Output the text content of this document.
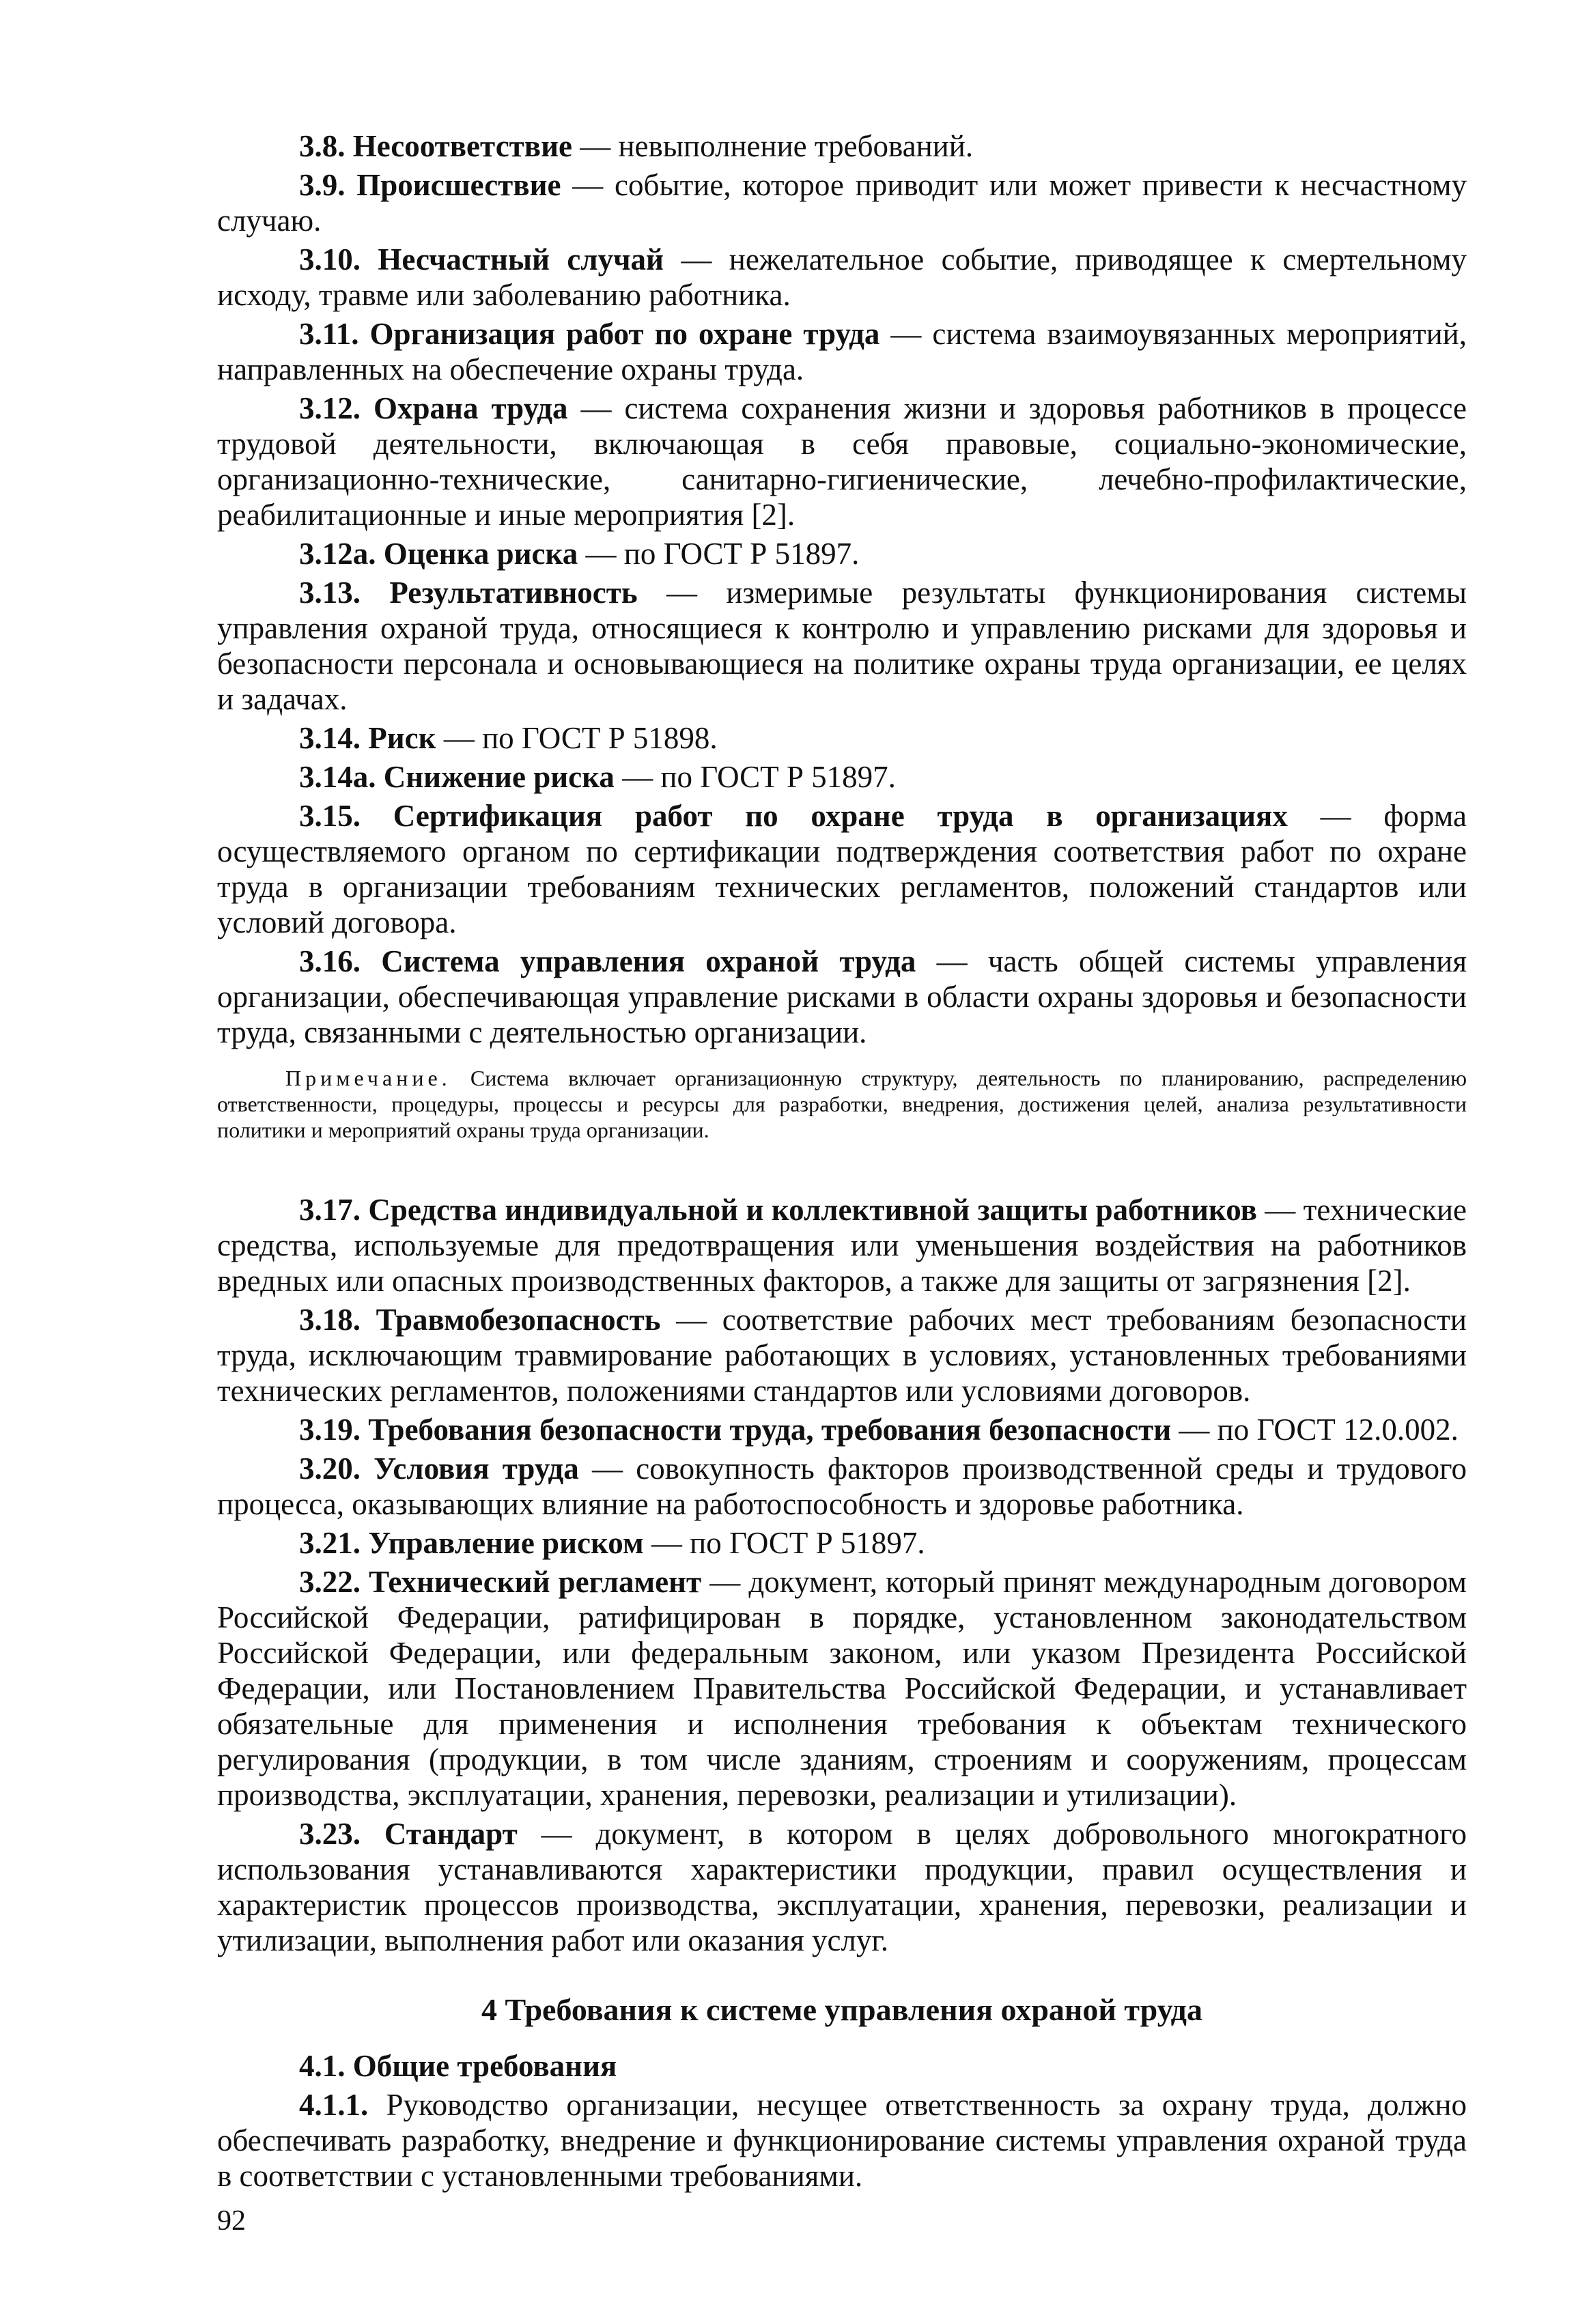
3.8. Несоответствие — невыполнение требований.

3.9. Происшествие — событие, которое приводит или может привести к несчастному случаю.

3.10. Несчастный случай — нежелательное событие, приводящее к смертельному исходу, травме или заболеванию работника.

3.11. Организация работ по охране труда — система взаимоувязанных мероприятий, направленных на обеспечение охраны труда.

3.12. Охрана труда — система сохранения жизни и здоровья работников в процессе трудовой деятельности, включающая в себя правовые, социально-экономические, организационно-технические, санитарно-гигиенические, лечебно-профилактические, реабилитационные и иные мероприятия [2].

3.12а. Оценка риска — по ГОСТ Р 51897.

3.13. Результативность — измеримые результаты функционирования системы управления охраной труда, относящиеся к контролю и управлению рисками для здоровья и безопасности персонала и основывающиеся на политике охраны труда организации, ее целях и задачах.

3.14. Риск — по ГОСТ Р 51898.

3.14а. Снижение риска — по ГОСТ Р 51897.

3.15. Сертификация работ по охране труда в организациях — форма осуществляемого органом по сертификации подтверждения соответствия работ по охране труда в организации требованиям технических регламентов, положений стандартов или условий договора.

3.16. Система управления охраной труда — часть общей системы управления организации, обеспечивающая управление рисками в области охраны здоровья и безопасности труда, связанными с деятельностью организации.

Примечание. Система включает организационную структуру, деятельность по планированию, распределению ответственности, процедуры, процессы и ресурсы для разработки, внедрения, достижения целей, анализа результативности политики и мероприятий охраны труда организации.

3.17. Средства индивидуальной и коллективной защиты работников — технические средства, используемые для предотвращения или уменьшения воздействия на работников вредных или опасных производственных факторов, а также для защиты от загрязнения [2].

3.18. Травмобезопасность — соответствие рабочих мест требованиям безопасности труда, исключающим травмирование работающих в условиях, установленных требованиями технических регламентов, положениями стандартов или условиями договоров.

3.19. Требования безопасности труда, требования безопасности — по ГОСТ 12.0.002.

3.20. Условия труда — совокупность факторов производственной среды и трудового процесса, оказывающих влияние на работоспособность и здоровье работника.

3.21. Управление риском — по ГОСТ Р 51897.

3.22. Технический регламент — документ, который принят международным договором Российской Федерации, ратифицирован в порядке, установленном законодательством Российской Федерации, или федеральным законом, или указом Президента Российской Федерации, или Постановлением Правительства Российской Федерации, и устанавливает обязательные для применения и исполнения требования к объектам технического регулирования (продукции, в том числе зданиям, строениям и сооружениям, процессам производства, эксплуатации, хранения, перевозки, реализации и утилизации).

3.23. Стандарт — документ, в котором в целях добровольного многократного использования устанавливаются характеристики продукции, правил осуществления и характеристик процессов производства, эксплуатации, хранения, перевозки, реализации и утилизации, выполнения работ или оказания услуг.

4 Требования к системе управления охраной труда

4.1. Общие требования

4.1.1. Руководство организации, несущее ответственность за охрану труда, должно обеспечивать разработку, внедрение и функционирование системы управления охраной труда в соответствии с установленными требованиями.

92
